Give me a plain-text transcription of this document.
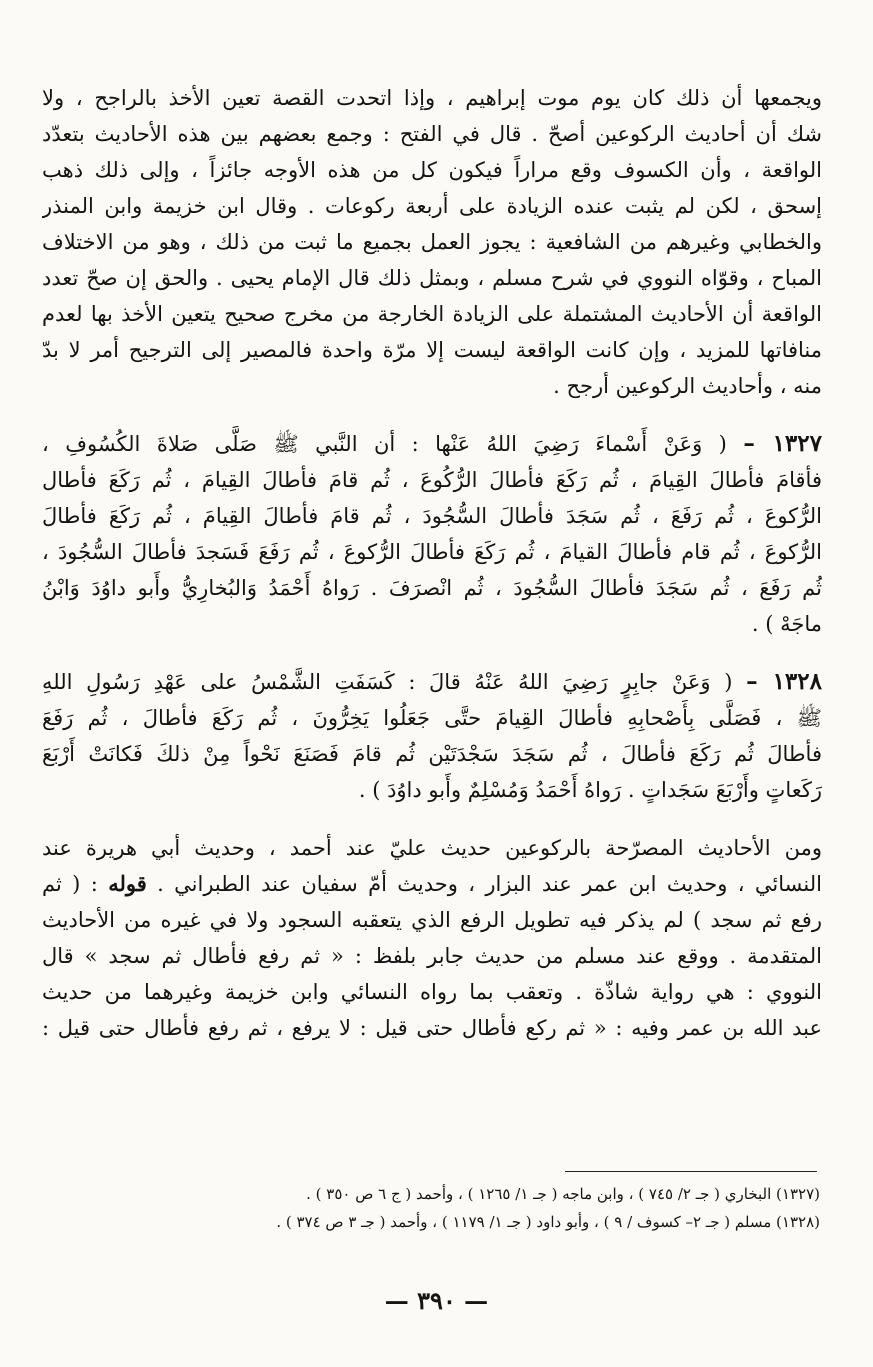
ويجمعها أن ذلك كان يوم موت إبراهيم ، وإذا اتحدت القصة تعين الأخذ بالراجح ، ولا
شك أن أحاديث الركوعين أصحّ . قال في الفتح : وجمع بعضهم بين هذه الأحاديث بتعدّد
الواقعة ، وأن الكسوف وقع مراراً فيكون كل من هذه الأوجه جائزاً ، وإلى ذلك ذهب
إسحق ، لكن لم يثبت عنده الزيادة على أربعة ركوعات . وقال ابن خزيمة وابن المنذر
والخطابي وغيرهم من الشافعية : يجوز العمل بجميع ما ثبت من ذلك ، وهو من الاختلاف
المباح ، وقوّاه النووي في شرح مسلم ، وبمثل ذلك قال الإمام يحيى . والحق إن صحّ تعدد
الواقعة أن الأحاديث المشتملة على الزيادة الخارجة من مخرج صحيح يتعين الأخذ بها لعدم
منافاتها للمزيد ، وإن كانت الواقعة ليست إلا مرّة واحدة فالمصير إلى الترجيح أمر لا بدّ
منه ، وأحاديث الركوعين أرجح .
١٣٢٧ – ( وَعَنْ أَسْماءَ رَضِيَ اللهُ عَنْها : أن النَّبي ﷺ صَلَّى صَلاةَ الكُسُوفِ ،
فأقامَ فأطالَ القِيامَ ، ثُم رَكَعَ فأطالَ الرُّكُوعَ ، ثُم قامَ فأطالَ القِيامَ ، ثُم رَكَعَ فأطال
الرُّكوعَ ، ثُم رَفَعَ ، ثُم سَجَدَ فأطالَ السُّجُودَ ، ثُم قامَ فأطالَ القِيامَ ، ثُم رَكَعَ فأطالَ
الرُّكوعَ ، ثُم قام فأطالَ القيامَ ، ثُم رَكَعَ فأطالَ الرُّكوعَ ، ثُم رَفَعَ فَسَجدَ فأطالَ السُّجُودَ ،
ثُم رَفَعَ ، ثُم سَجَدَ فأطالَ السُّجُودَ ، ثُم انْصرَفَ . رَواهُ أَحْمَدُ وَالبُخارِيُّ وأَبو داوُدَ وَابْنُ
ماجَهْ ) .
١٣٢٨ – ( وَعَنْ جابِرٍ رَضِيَ اللهُ عَنْهُ قالَ : كَسَفَتِ الشَّمْسُ على عَهْدِ رَسُولِ اللهِ
ﷺ ، فَصَلَّى بِأَصْحابِهِ فأطالَ القِيامَ حتَّى جَعَلُوا يَخِرُّونَ ، ثُم رَكَعَ فأطالَ ، ثُم رَفَعَ
فأطالَ ثُم رَكَعَ فأطالَ ، ثُم سَجَدَ سَجْدَتَيْن ثُم قامَ فَصَنَعَ نَحْواً مِنْ ذلكَ فَكانَتْ أَرْبَعَ
رَكَعاتٍ وأَرْبَعَ سَجَداتٍ . رَواهُ أَحْمَدُ وَمُسْلِمٌ وأَبو داوُدَ ) .
ومن الأحاديث المصرّحة بالركوعين حديث عليّ عند أحمد ، وحديث أبي هريرة عند
النسائي ، وحديث ابن عمر عند البزار ، وحديث أمّ سفيان عند الطبراني . قوله : ( ثم
رفع ثم سجد ) لم يذكر فيه تطويل الرفع الذي يتعقبه السجود ولا في غيره من الأحاديث
المتقدمة . ووقع عند مسلم من حديث جابر بلفظ : « ثم رفع فأطال ثم سجد » قال
النووي : هي رواية شاذّة . وتعقب بما رواه النسائي وابن خزيمة وغيرهما من حديث
عبد الله بن عمر وفيه : « ثم ركع فأطال حتى قيل : لا يرفع ، ثم رفع فأطال حتى قيل :
(١٣٢٧) البخاري ( جـ ٢/ ٧٤٥ ) ، وابن ماجه ( جـ ١/ ١٢٦٥ ) ، وأحمد ( ج ٦ ص ٣٥٠ ) .
(١٣٢٨) مسلم ( جـ ٢– كسوف / ٩ ) ، وأبو داود ( جـ ١/ ١١٧٩ ) ، وأحمد ( جـ ٣ ص ٣٧٤ ) .
— ٣٩٠ —
